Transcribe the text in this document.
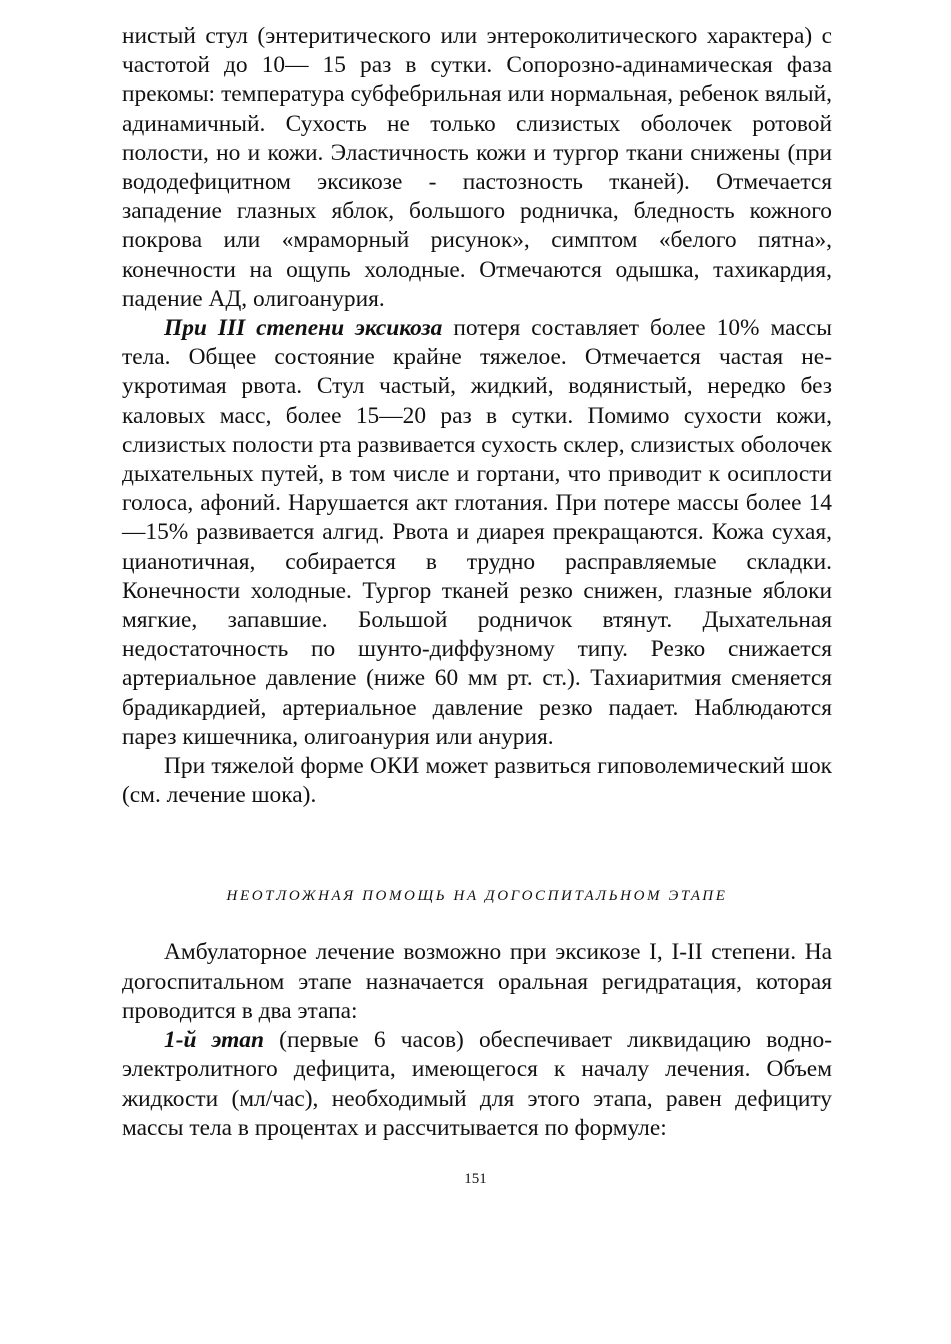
нистый стул (энтеритического или энтероколитического характера) с частотой до 10— 15 раз в сутки. Сопорозно-адинамическая фаза прекомы: температура субфебрильная или нормальная, ребенок вялый, адинамичный. Сухость не только слизистых оболочек ротовой полости, но и кожи. Эластичность кожи и тургор ткани снижены (при вододефицитном эксикозе - пастозность тканей). Отмечается западение глазных яблок, большого родничка, бледность кожного покрова или «мраморный рисунок», симптом «белого пятна», конечности на ощупь холодные. Отмечаются одышка, тахикардия, падение АД, олигоанурия.

При III степени эксикоза потеря составляет более 10% массы тела. Общее состояние крайне тяжелое. Отмечается частая неукротимая рвота. Стул частый, жидкий, водянистый, нередко без каловых масс, более 15—20 раз в сутки. Помимо сухости кожи, слизистых полости рта развивается сухость склер, слизистых оболочек дыхательных путей, в том числе и гортани, что приводит к осиплости голоса, афоний. Нарушается акт глотания. При потере массы более 14—15% развивается алгид. Рвота и диарея прекращаются. Кожа сухая, цианотичная, собирается в трудно расправляемые складки. Конечности холодные. Тургор тканей резко снижен, глазные яблоки мягкие, запавшие. Большой родничок втянут. Дыхательная недостаточность по шунто-диффузному типу. Резко снижается артериальное давление (ниже 60 мм рт. ст.). Тахиаритмия сменяется брадикардией, артериальное давление резко падает. Наблюдаются парез кишечника, олигоанурия или анурия.

При тяжелой форме ОКИ может развиться гиповолемический шок (см. лечение шока).

НЕОТЛОЖНАЯ ПОМОЩЬ НА ДОГОСПИТАЛЬНОМ ЭТАПЕ

Амбулаторное лечение возможно при эксикозе I, I-II степени. На догоспитальном этапе назначается оральная регидратация, которая проводится в два этапа:

1-й этап (первые 6 часов) обеспечивает ликвидацию водно-электролитного дефицита, имеющегося к началу лечения. Объем жидкости (мл/час), необходимый для этого этапа, равен дефициту массы тела в процентах и рассчитывается по формуле:

151
